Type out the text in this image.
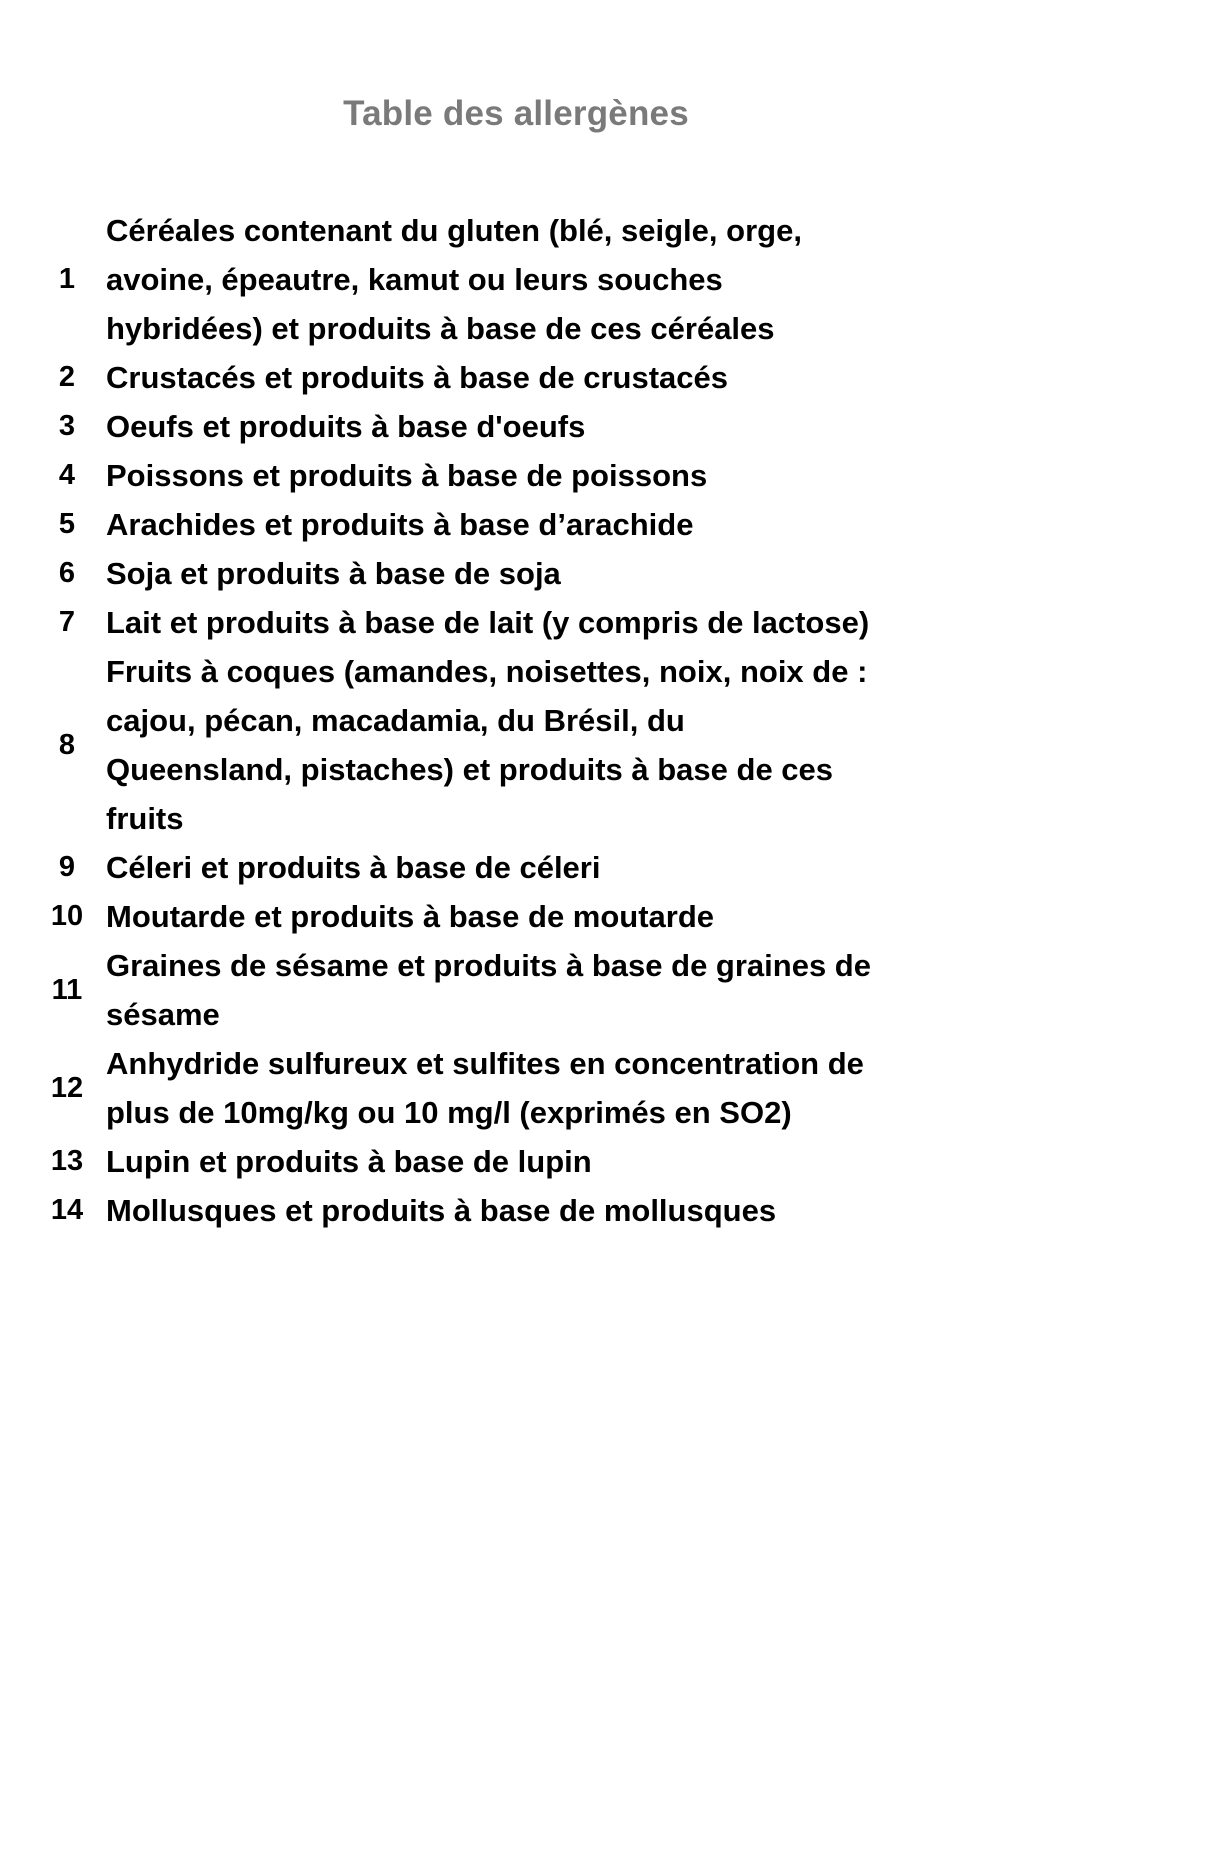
Table des allergènes
1	Céréales contenant du gluten (blé, seigle, orge,
avoine, épeautre, kamut ou leurs souches
hybridées) et produits à base de ces céréales

2	Crustacés et produits à base de crustacés

3	Oeufs et produits à base d'oeufs

4	Poissons et produits à base de poissons

5	Arachides et produits à base d’arachide

6	Soja et produits à base de soja

7	Lait et produits à base de lait (y compris de lactose)

8	Fruits à coques (amandes, noisettes, noix, noix de :
cajou, pécan, macadamia, du Brésil, du
Queensland, pistaches) et produits à base de ces
fruits

9	Céleri et produits à base de céleri

10	Moutarde et produits à base de moutarde

11	Graines de sésame et produits à base de graines de
sésame

12	Anhydride sulfureux et sulfites en concentration de
plus de 10mg/kg ou 10 mg/l (exprimés en SO2)

13	Lupin et produits à base de lupin

14	Mollusques et produits à base de mollusques
